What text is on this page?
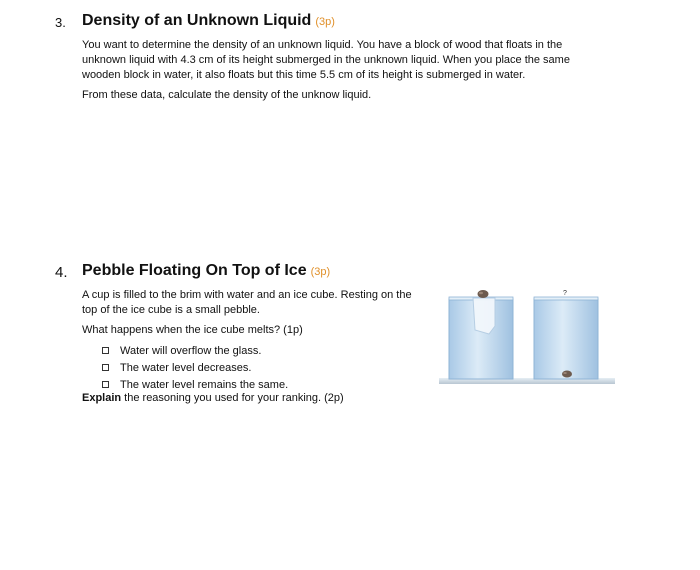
3. Density of an Unknown Liquid (3p)
You want to determine the density of an unknown liquid. You have a block of wood that floats in the unknown liquid with 4.3 cm of its height submerged in the unknown liquid. When you place the same wooden block in water, it also floats but this time 5.5 cm of its height is submerged in water.
From these data, calculate the density of the unknow liquid.
4. Pebble Floating On Top of Ice (3p)
A cup is filled to the brim with water and an ice cube. Resting on the top of the ice cube is a small pebble.
What happens when the ice cube melts? (1p)
Water will overflow the glass.
The water level decreases.
The water level remains the same.
Explain the reasoning you used for your ranking. (2p)
?
